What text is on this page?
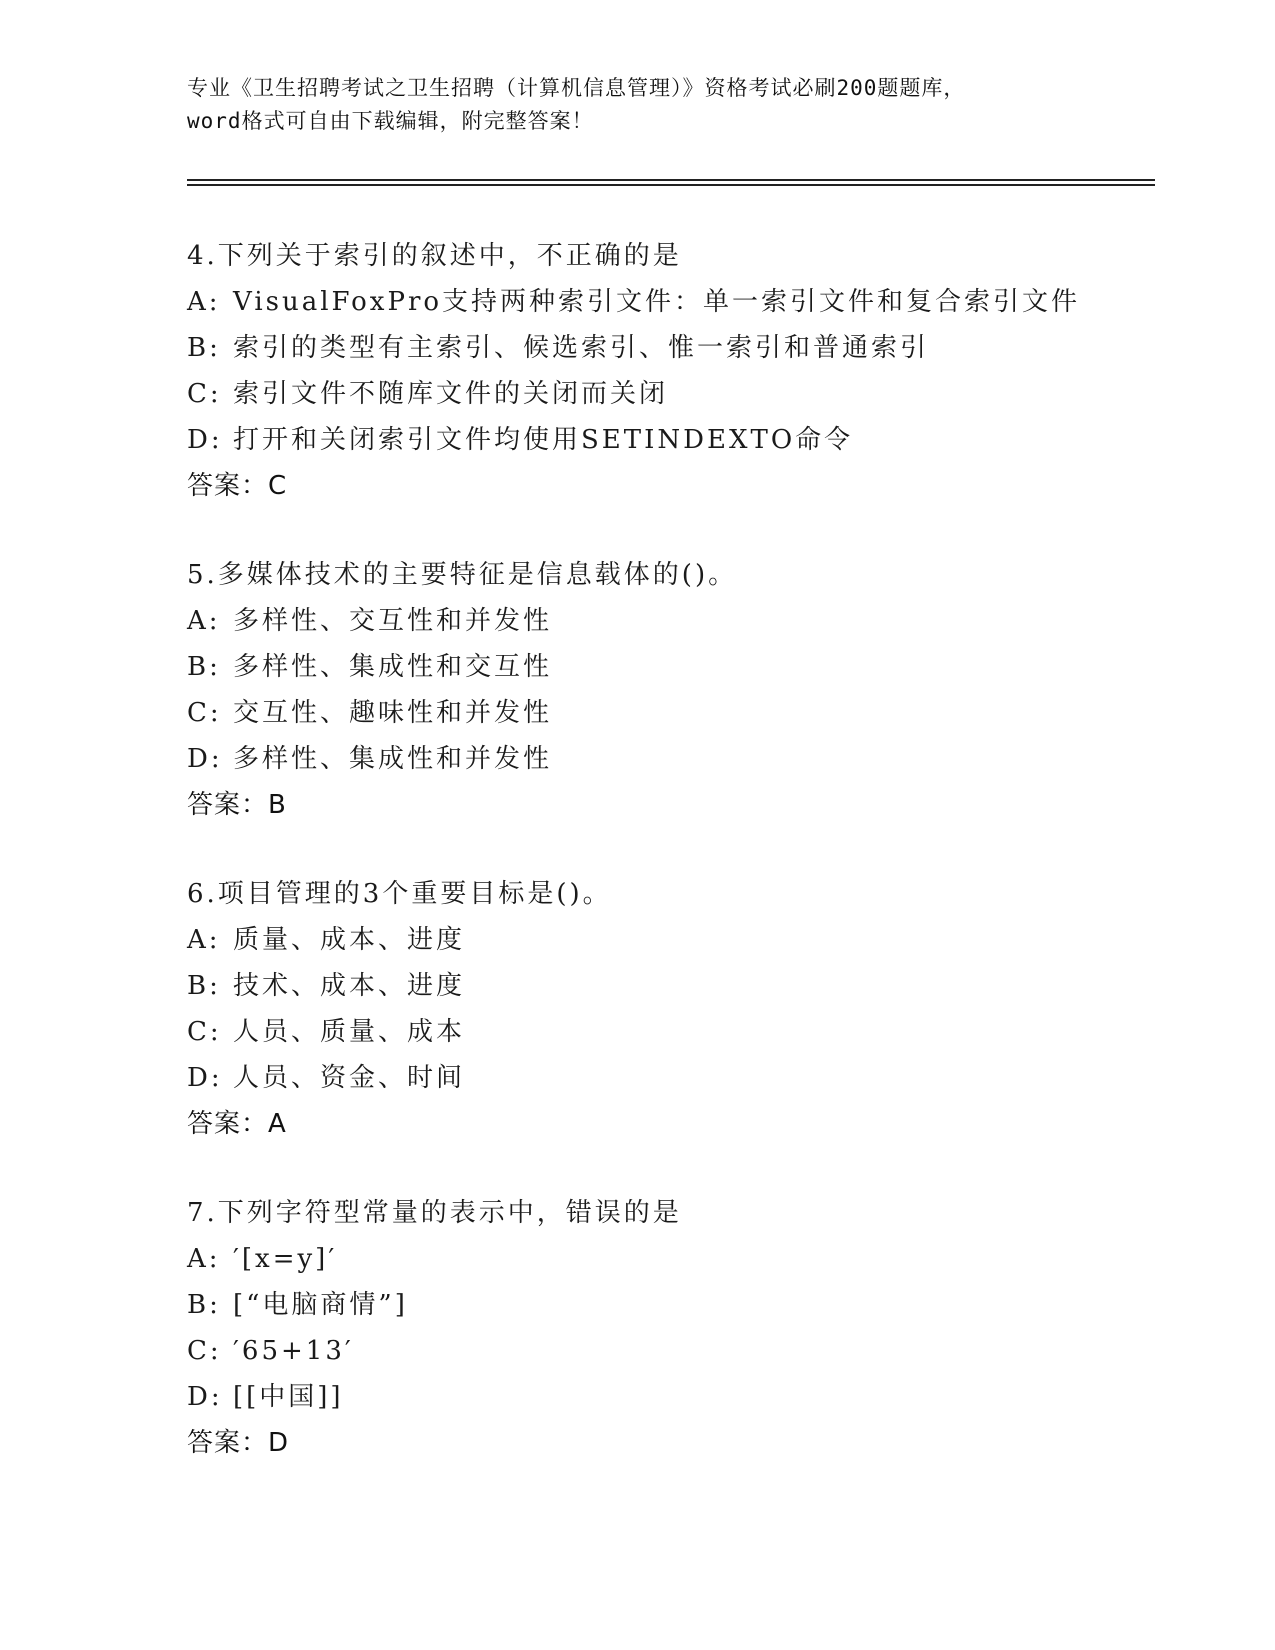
专业《卫生招聘考试之卫生招聘（计算机信息管理）》资格考试必刷200题题库，
word格式可自由下载编辑，附完整答案！
4.下列关于索引的叙述中，不正确的是
A: VisualFoxPro支持两种索引文件：单一索引文件和复合索引文件
B: 索引的类型有主索引、候选索引、惟一索引和普通索引
C: 索引文件不随库文件的关闭而关闭
D: 打开和关闭索引文件均使用SETINDEXTO命令
答案：C
5.多媒体技术的主要特征是信息载体的()。
A: 多样性、交互性和并发性
B: 多样性、集成性和交互性
C: 交互性、趣味性和并发性
D: 多样性、集成性和并发性
答案：B
6.项目管理的3个重要目标是()。
A: 质量、成本、进度
B: 技术、成本、进度
C: 人员、质量、成本
D: 人员、资金、时间
答案：A
7.下列字符型常量的表示中，错误的是
A: ′[x=y]′
B: [“电脑商情”]
C: ′65+13′
D: [[中国]]
答案：D
